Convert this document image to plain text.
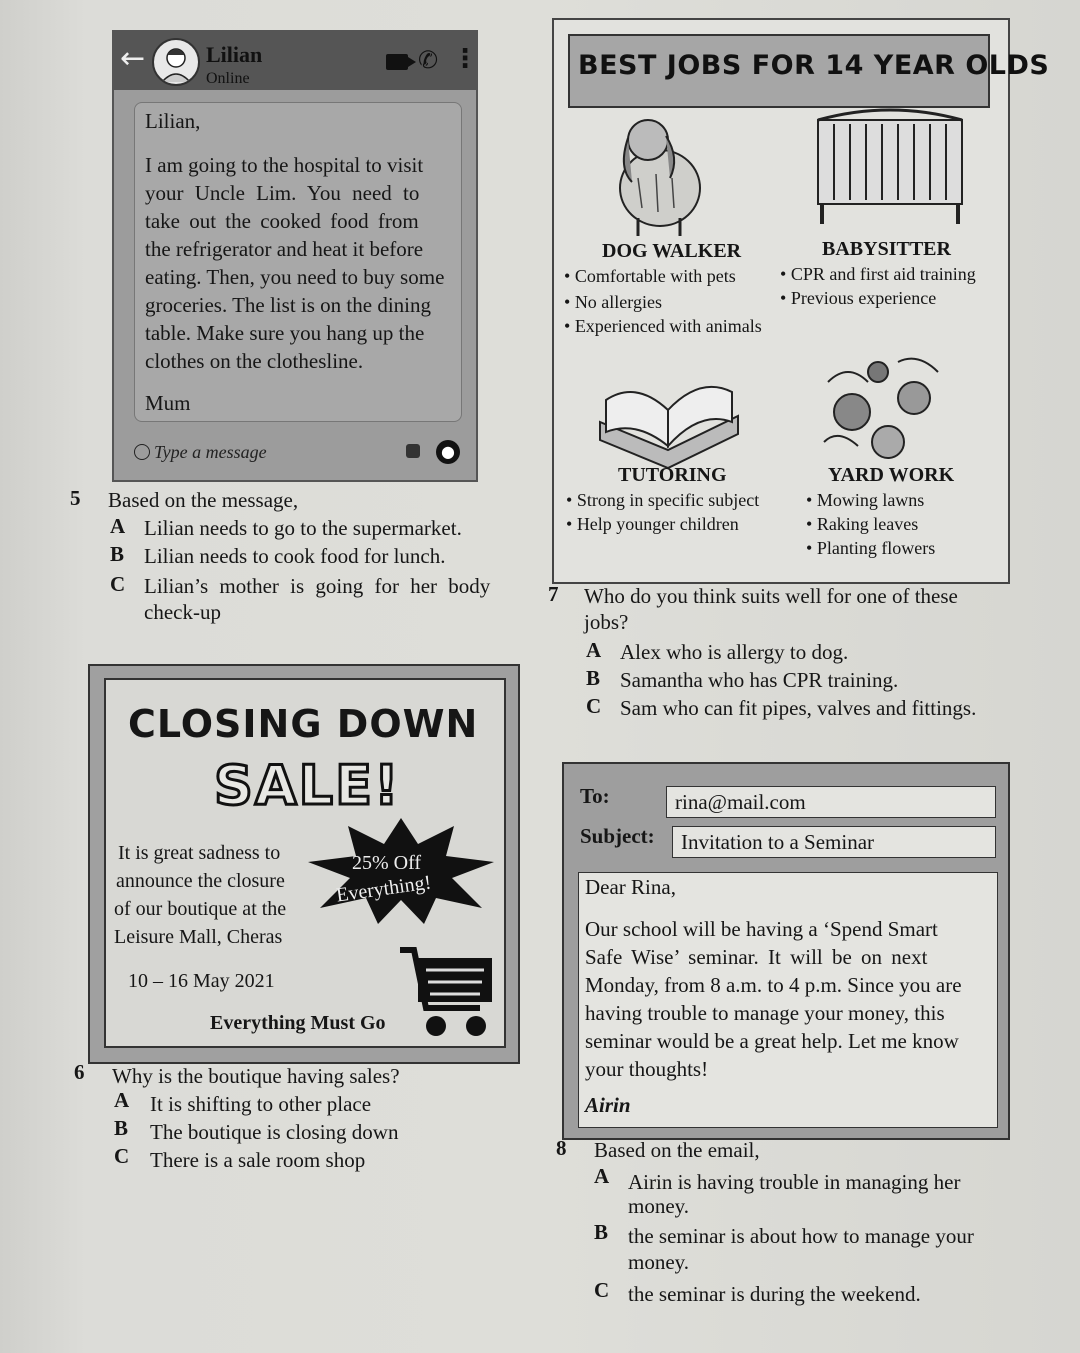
←	Lilian
Online
✆ ⋮
Lilian,
I am going to the hospital to visit
your Uncle Lim. You need to
take out the cooked food from
the refrigerator and heat it before
eating. Then, you need to buy some
groceries. The list is on the dining
table. Make sure you hang up the
clothes on the clothesline.
Mum
Type a message	●
5 Based on the message,
A Lilian needs to go to the supermarket.
B Lilian needs to cook food for lunch.
C Lilian’s mother is going for her body
check-up
BEST JOBS FOR 14 YEAR OLDS
DOG WALKER
• Comfortable with pets
• No allergies
• Experienced with animals
BABYSITTER
• CPR and first aid training
• Previous experience
TUTORING
• Strong in specific subject
• Help younger children
YARD WORK
• Mowing lawns
• Raking leaves
• Planting flowers
7 Who do you think suits well for one of these
jobs?
A Alex who is allergy to dog.
B Samantha who has CPR training.
C Sam who can fit pipes, valves and fittings.
CLOSING DOWN
SALE!
25% Off
Everything!
It is great sadness to
announce the closure
of our boutique at the
Leisure Mall, Cheras
10 – 16 May 2021
Everything Must Go
6 Why is the boutique having sales?
A It is shifting to other place
B The boutique is closing down
C There is a sale room shop
To:	rina@mail.com
Subject:	Invitation to a Seminar
Dear Rina,
Our school will be having a ‘Spend Smart
Safe Wise’ seminar. It will be on next
Monday, from 8 a.m. to 4 p.m. Since you are
having trouble to manage your money, this
seminar would be a great help. Let me know
your thoughts!
Airin
8 Based on the email,
A Airin is having trouble in managing her
money.
B the seminar is about how to manage your
money.
C the seminar is during the weekend.
